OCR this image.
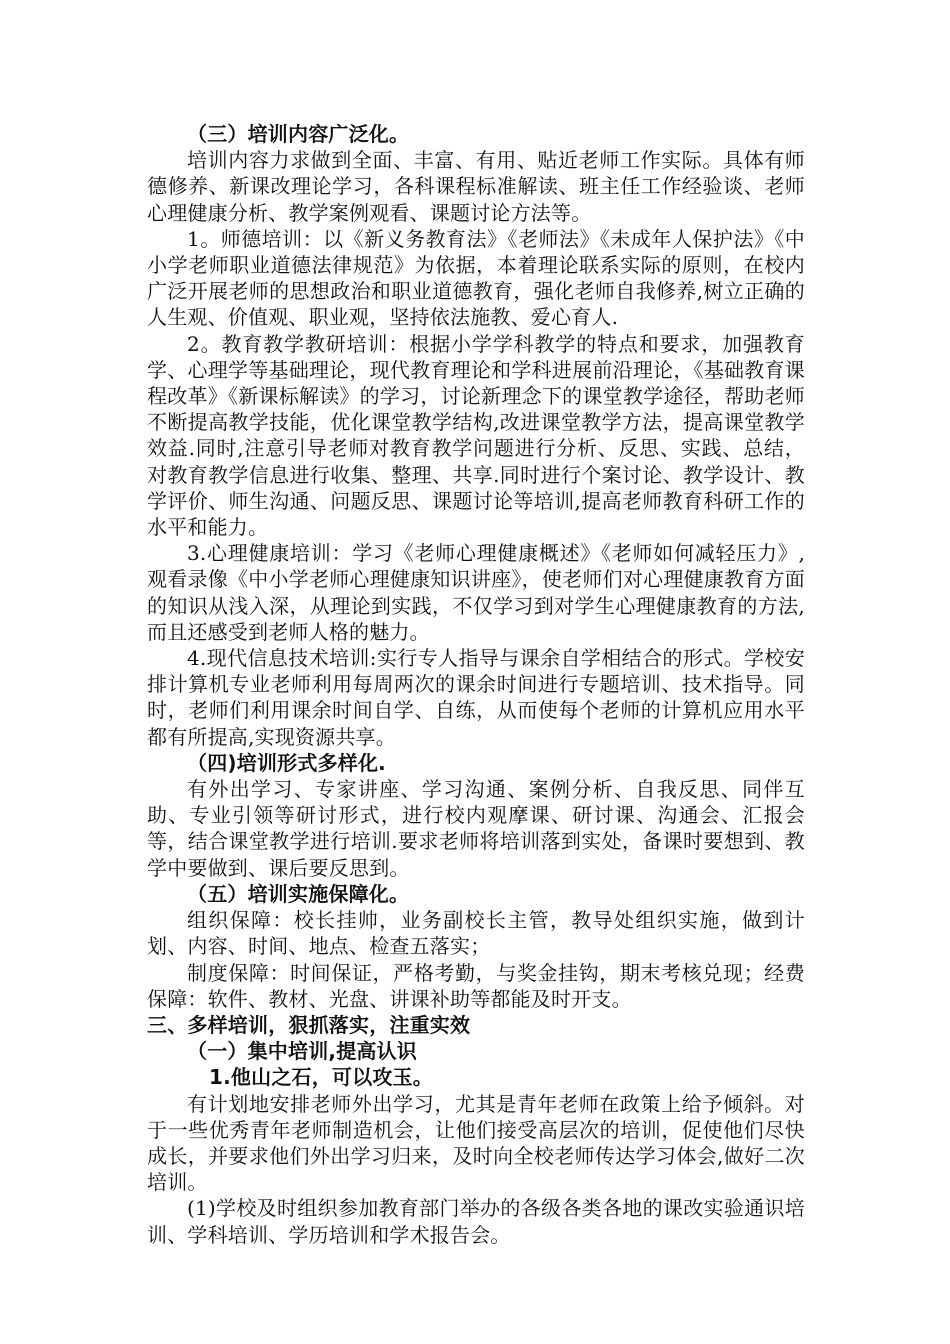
（三）培训内容广泛化。

培训内容力求做到全面、丰富、有用、贴近老师工作实际。具体有师德修养、新课改理论学习，各科课程标准解读、班主任工作经验谈、老师心理健康分析、教学案例观看、课题讨论方法等。

1。师德培训：以《新义务教育法》《老师法》《未成年人保护法》《中小学老师职业道德法律规范》为依据，本着理论联系实际的原则，在校内广泛开展老师的思想政治和职业道德教育，强化老师自我修养,树立正确的人生观、价值观、职业观，坚持依法施教、爱心育人.

2。教育教学教研培训：根据小学学科教学的特点和要求，加强教育学、心理学等基础理论，现代教育理论和学科进展前沿理论，《基础教育课程改革》《新课标解读》的学习，讨论新理念下的课堂教学途径，帮助老师不断提高教学技能，优化课堂教学结构,改进课堂教学方法，提高课堂教学效益.同时,注意引导老师对教育教学问题进行分析、反思、实践、总结，对教育教学信息进行收集、整理、共享.同时进行个案讨论、教学设计、教学评价、师生沟通、问题反思、课题讨论等培训,提高老师教育科研工作的水平和能力。

3.心理健康培训：学习《老师心理健康概述》《老师如何减轻压力》,观看录像《中小学老师心理健康知识讲座》，使老师们对心理健康教育方面的知识从浅入深，从理论到实践，不仅学习到对学生心理健康教育的方法,而且还感受到老师人格的魅力。

4.现代信息技术培训:实行专人指导与课余自学相结合的形式。学校安排计算机专业老师利用每周两次的课余时间进行专题培训、技术指导。同时，老师们利用课余时间自学、自练，从而使每个老师的计算机应用水平都有所提高,实现资源共享。

（四)培训形式多样化.

有外出学习、专家讲座、学习沟通、案例分析、自我反思、同伴互助、专业引领等研讨形式，进行校内观摩课、研讨课、沟通会、汇报会等，结合课堂教学进行培训.要求老师将培训落到实处，备课时要想到、教学中要做到、课后要反思到。

（五）培训实施保障化。

组织保障：校长挂帅，业务副校长主管，教导处组织实施，做到计划、内容、时间、地点、检查五落实；

制度保障：时间保证，严格考勤，与奖金挂钩，期末考核兑现；经费保障：软件、教材、光盘、讲课补助等都能及时开支。

三、多样培训，狠抓落实，注重实效

（一）集中培训,提高认识

1.他山之石，可以攻玉。

有计划地安排老师外出学习，尤其是青年老师在政策上给予倾斜。对于一些优秀青年老师制造机会，让他们接受高层次的培训，促使他们尽快成长，并要求他们外出学习归来，及时向全校老师传达学习体会,做好二次培训。

(1)学校及时组织参加教育部门举办的各级各类各地的课改实验通识培训、学科培训、学历培训和学术报告会。
